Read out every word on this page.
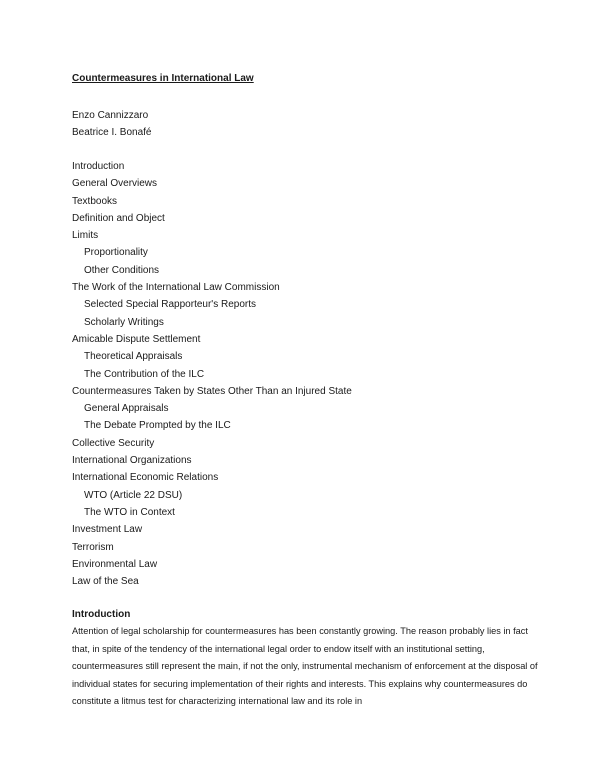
Countermeasures in International Law
Enzo Cannizzaro
Beatrice I. Bonafé
Introduction
General Overviews
Textbooks
Definition and Object
Limits
Proportionality
Other Conditions
The Work of the International Law Commission
Selected Special Rapporteur's Reports
Scholarly Writings
Amicable Dispute Settlement
Theoretical Appraisals
The Contribution of the ILC
Countermeasures Taken by States Other Than an Injured State
General Appraisals
The Debate Prompted by the ILC
Collective Security
International Organizations
International Economic Relations
WTO (Article 22 DSU)
The WTO in Context
Investment Law
Terrorism
Environmental Law
Law of the Sea
Introduction

Attention of legal scholarship for countermeasures has been constantly growing. The reason probably lies in fact that, in spite of the tendency of the international legal order to endow itself with an institutional setting, countermeasures still represent the main, if not the only, instrumental mechanism of enforcement at the disposal of individual states for securing implementation of their rights and interests. This explains why countermeasures do constitute a litmus test for characterizing international law and its role in
